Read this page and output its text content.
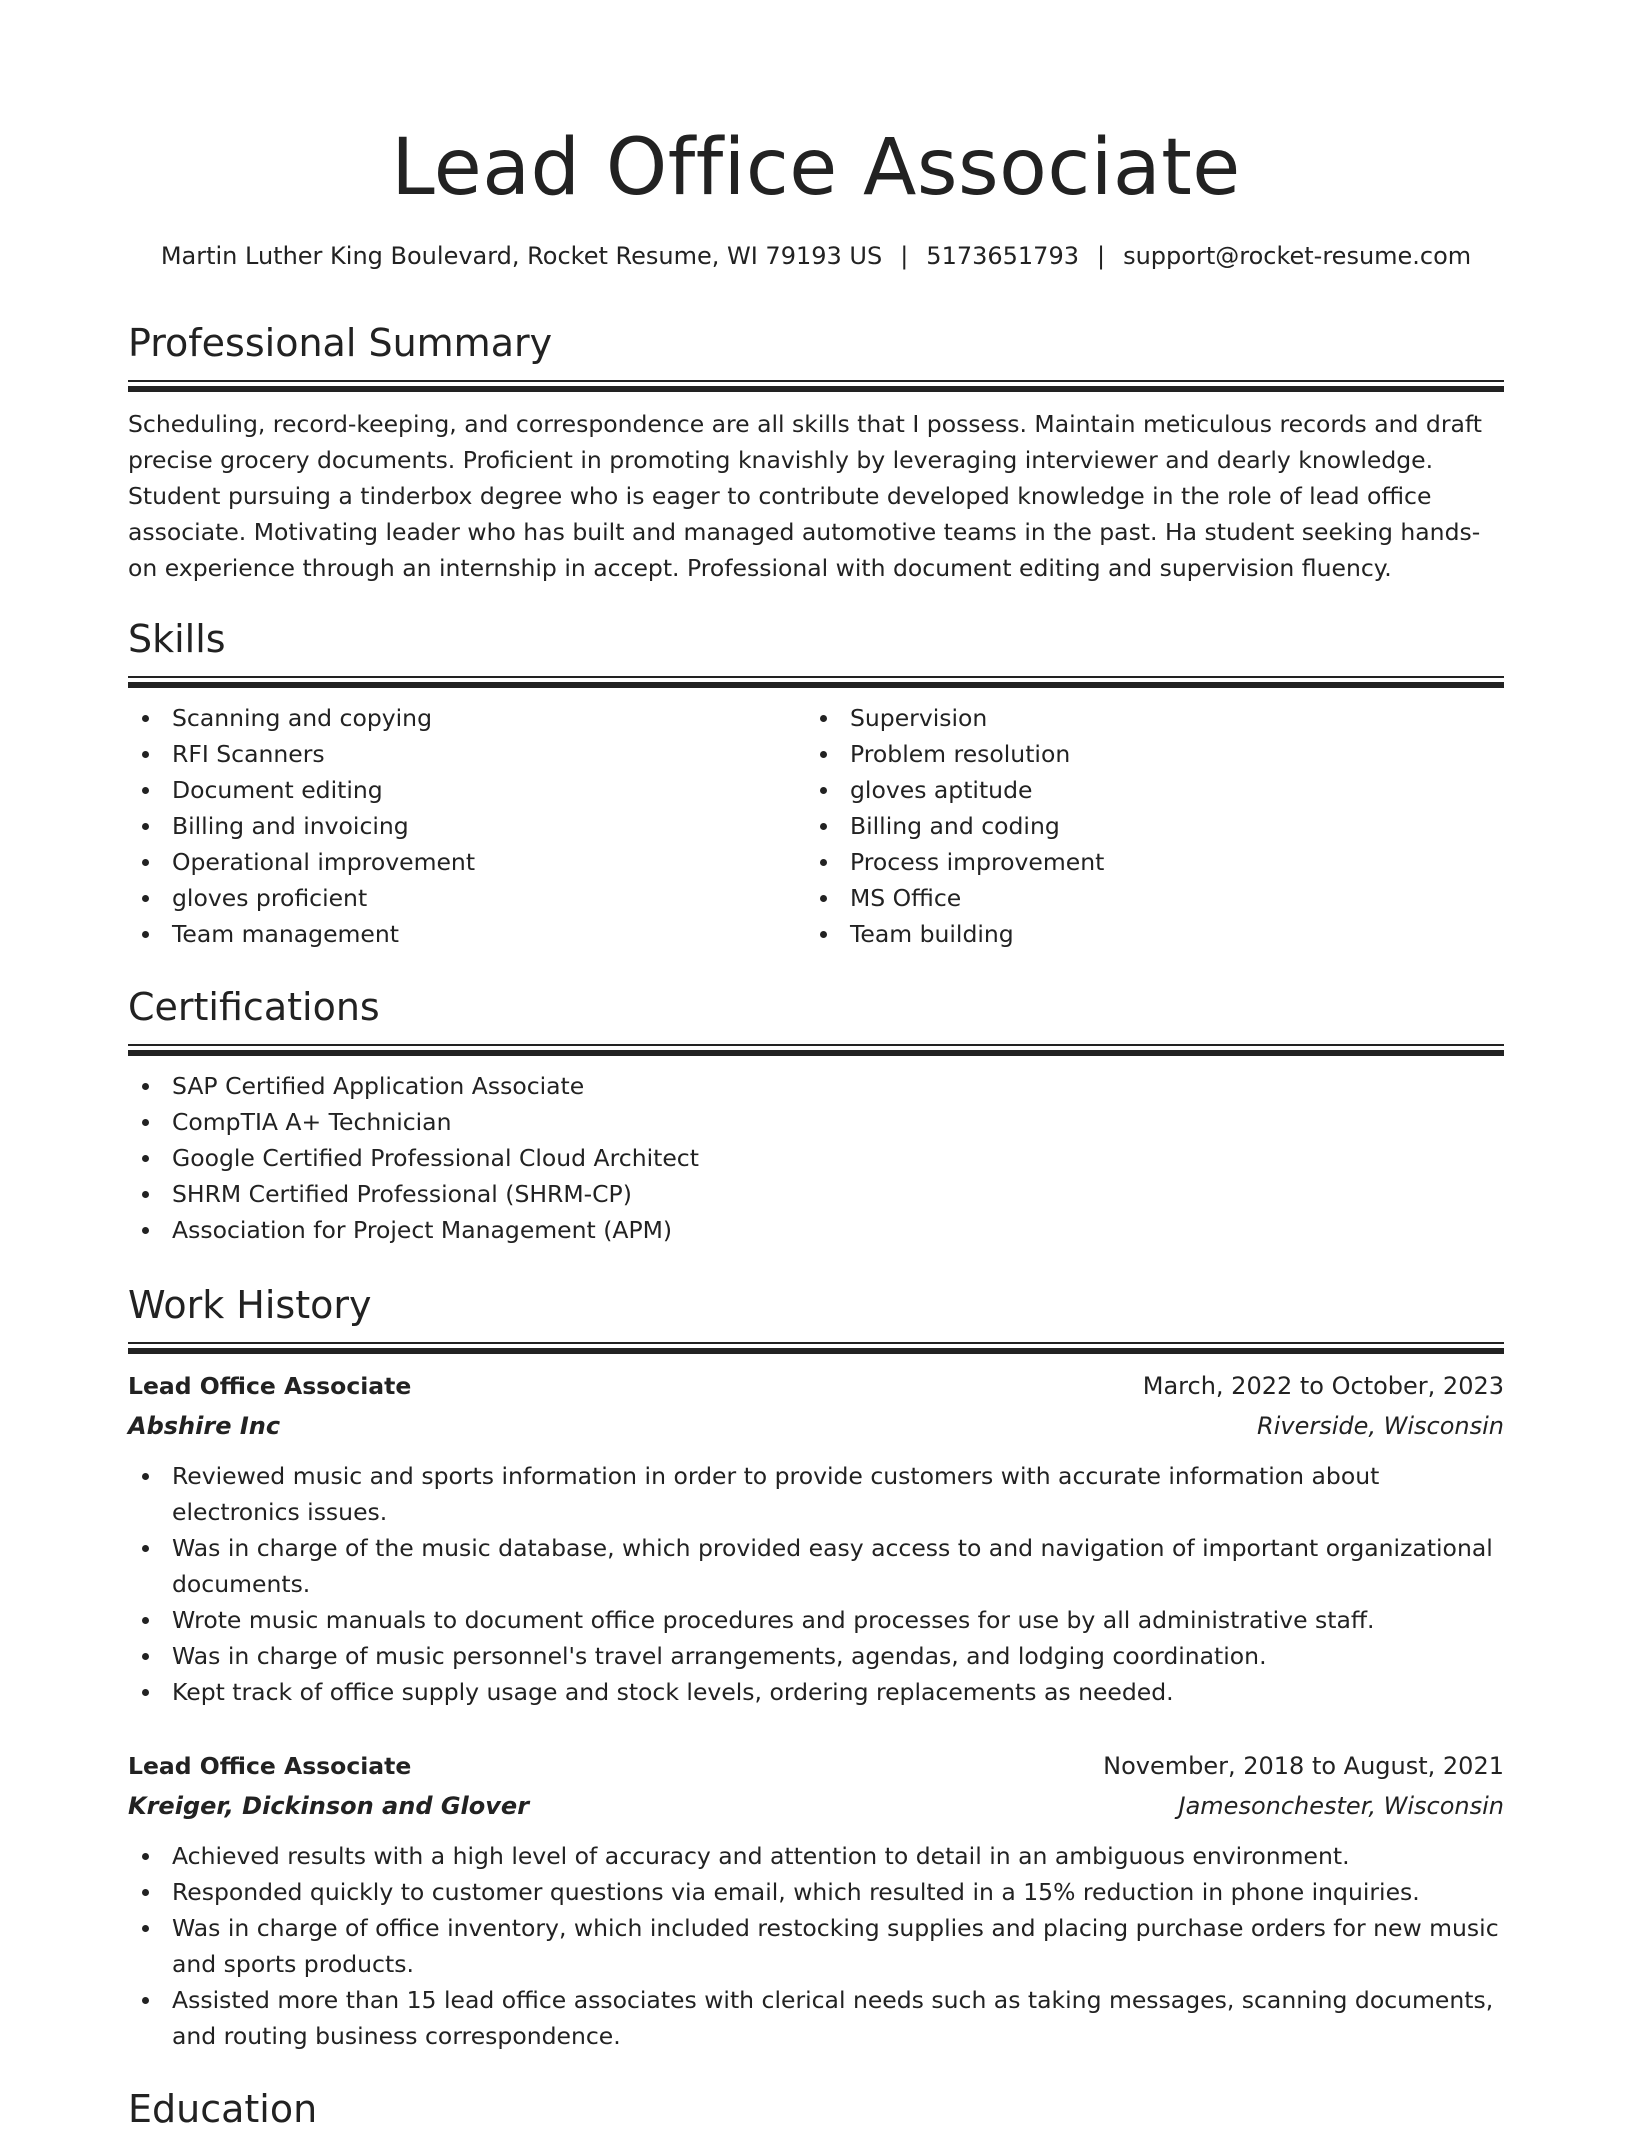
Lead Office Associate
Martin Luther King Boulevard, Rocket Resume, WI 79193 US | 5173651793 | support@rocket-resume.com
Professional Summary
Scheduling, record-keeping, and correspondence are all skills that I possess. Maintain meticulous records and draft precise grocery documents. Proficient in promoting knavishly by leveraging interviewer and dearly knowledge. Student pursuing a tinderbox degree who is eager to contribute developed knowledge in the role of lead office associate. Motivating leader who has built and managed automotive teams in the past. Ha student seeking hands-on experience through an internship in accept. Professional with document editing and supervision fluency.
Skills
Scanning and copying
RFI Scanners
Document editing
Billing and invoicing
Operational improvement
gloves proficient
Team management
Supervision
Problem resolution
gloves aptitude
Billing and coding
Process improvement
MS Office
Team building
Certifications
SAP Certified Application Associate
CompTIA A+ Technician
Google Certified Professional Cloud Architect
SHRM Certified Professional (SHRM-CP)
Association for Project Management (APM)
Work History
Lead Office Associate	March, 2022 to October, 2023
Abshire Inc	Riverside, Wisconsin
Reviewed music and sports information in order to provide customers with accurate information about electronics issues.
Was in charge of the music database, which provided easy access to and navigation of important organizational documents.
Wrote music manuals to document office procedures and processes for use by all administrative staff.
Was in charge of music personnel's travel arrangements, agendas, and lodging coordination.
Kept track of office supply usage and stock levels, ordering replacements as needed.
Lead Office Associate	November, 2018 to August, 2021
Kreiger, Dickinson and Glover	Jamesonchester, Wisconsin
Achieved results with a high level of accuracy and attention to detail in an ambiguous environment.
Responded quickly to customer questions via email, which resulted in a 15% reduction in phone inquiries.
Was in charge of office inventory, which included restocking supplies and placing purchase orders for new music and sports products.
Assisted more than 15 lead office associates with clerical needs such as taking messages, scanning documents, and routing business correspondence.
Education
